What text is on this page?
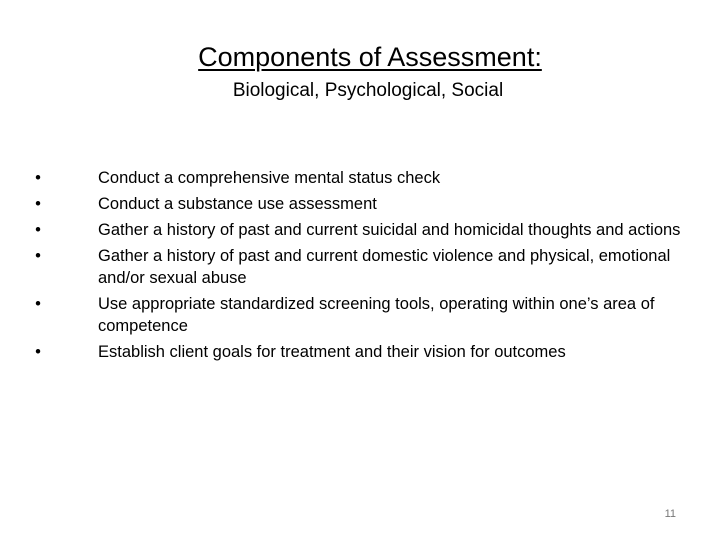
Components of Assessment:
Biological, Psychological, Social
•	Conduct a comprehensive mental status check
•	Conduct a substance use assessment
•	Gather a history of past and current suicidal and homicidal thoughts and actions
•	Gather a history of past and current domestic violence and physical, emotional and/or sexual abuse
•	Use appropriate standardized screening tools, operating within one’s area of competence
•	Establish client goals for treatment and their vision for outcomes
11
